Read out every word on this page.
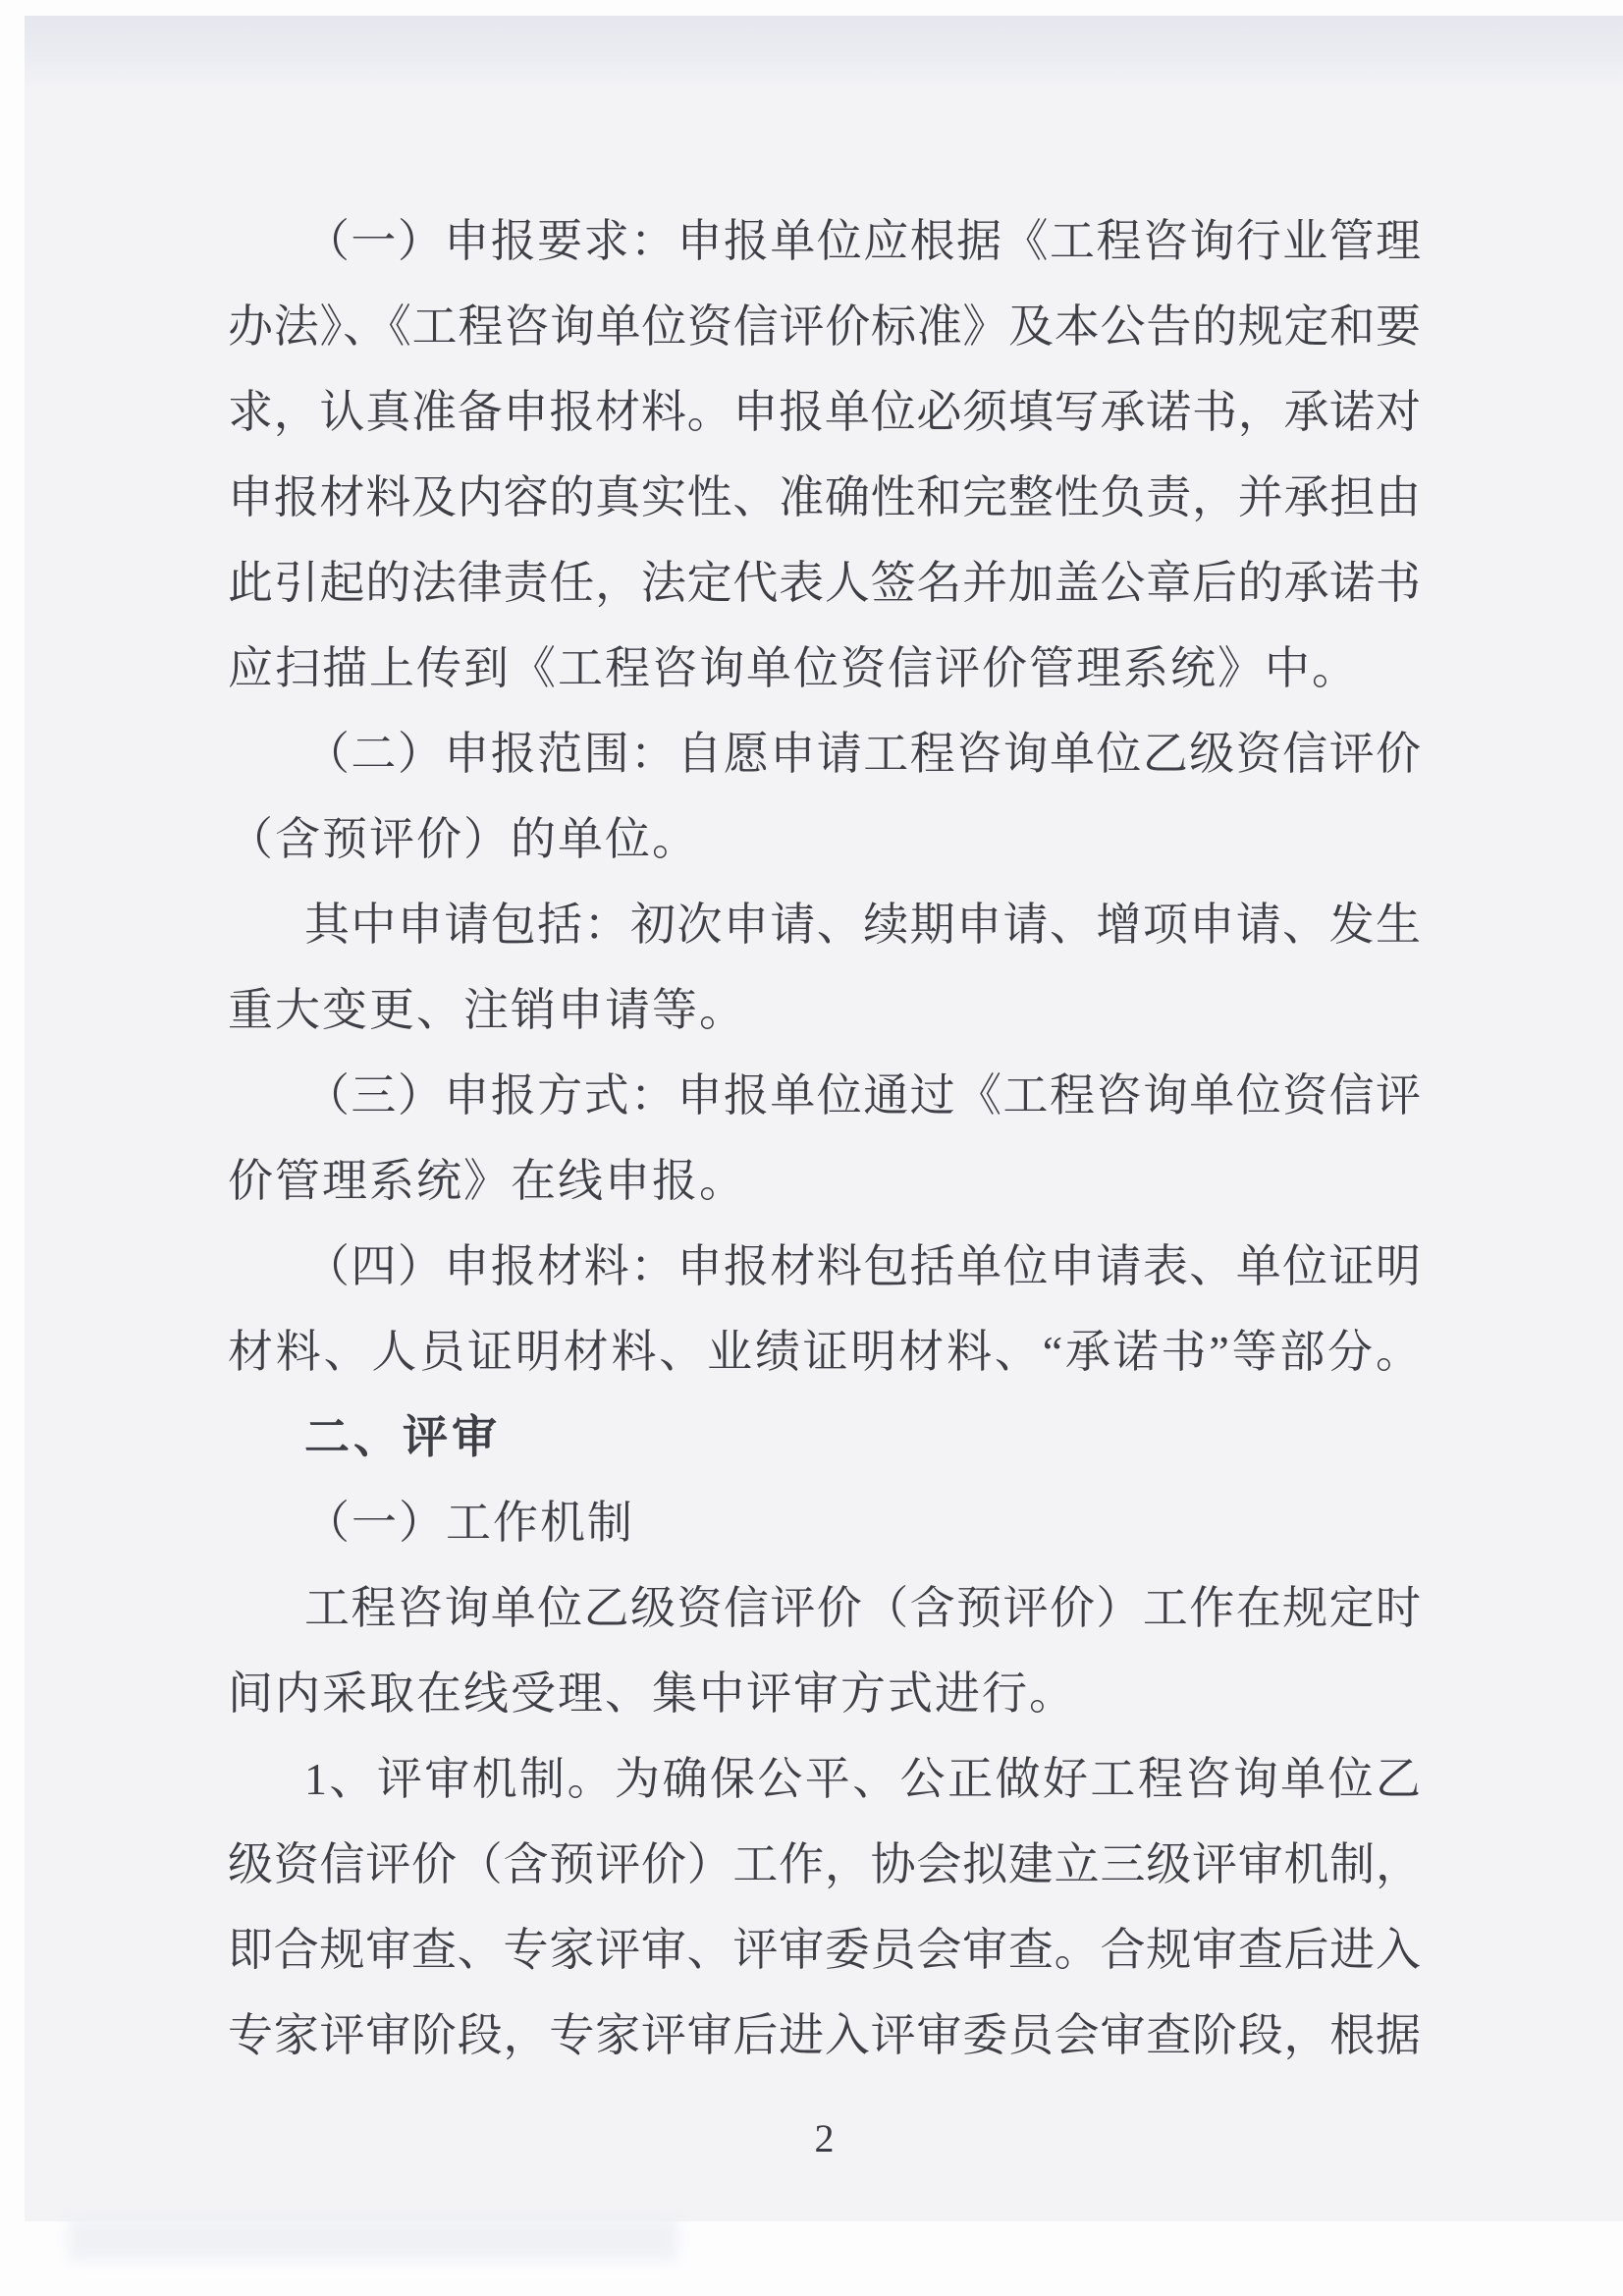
（一）申报要求：申报单位应根据《工程咨询行业管理
办法》、《工程咨询单位资信评价标准》及本公告的规定和要
求，认真准备申报材料。申报单位必须填写承诺书，承诺对
申报材料及内容的真实性、准确性和完整性负责，并承担由
此引起的法律责任，法定代表人签名并加盖公章后的承诺书
应扫描上传到《工程咨询单位资信评价管理系统》中。
（二）申报范围：自愿申请工程咨询单位乙级资信评价
（含预评价）的单位。
其中申请包括：初次申请、续期申请、增项申请、发生
重大变更、注销申请等。
（三）申报方式：申报单位通过《工程咨询单位资信评
价管理系统》在线申报。
（四）申报材料：申报材料包括单位申请表、单位证明
材料、人员证明材料、业绩证明材料、“承诺书”等部分。
二、评审
（一）工作机制
工程咨询单位乙级资信评价（含预评价）工作在规定时
间内采取在线受理、集中评审方式进行。
1、评审机制。为确保公平、公正做好工程咨询单位乙
级资信评价（含预评价）工作，协会拟建立三级评审机制，
即合规审查、专家评审、评审委员会审查。合规审查后进入
专家评审阶段，专家评审后进入评审委员会审查阶段，根据
2
